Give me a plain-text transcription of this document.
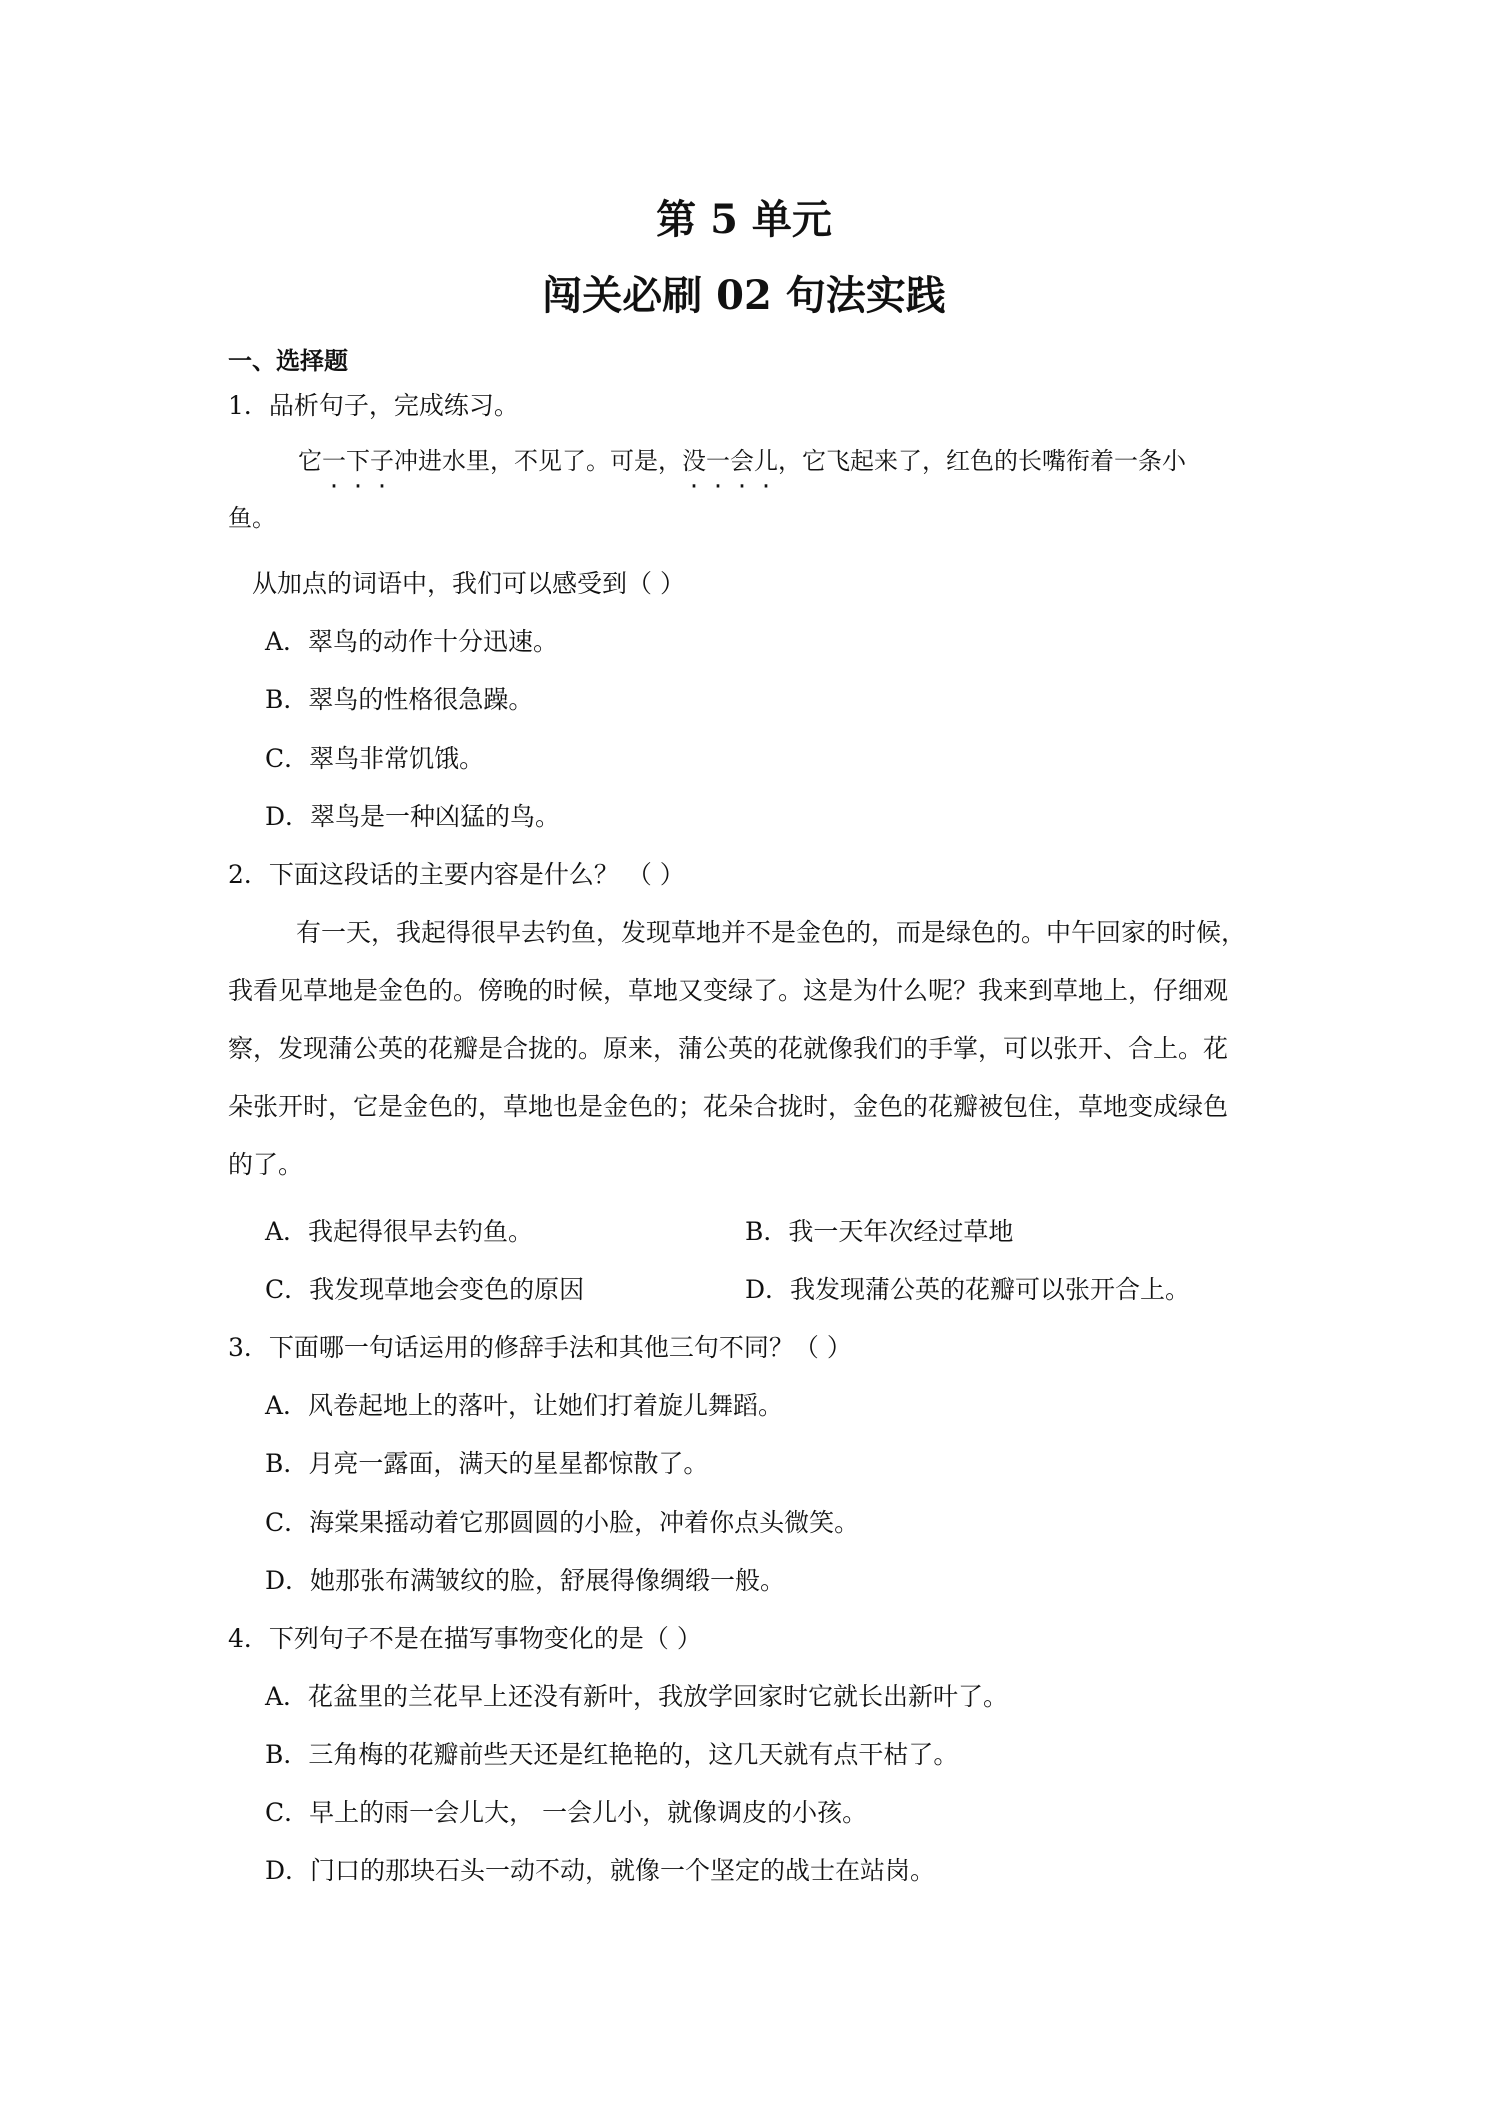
第 5 单元
闯关必刷 02 句法实践
一、选择题
1．品析句子，完成练习。
它一下子冲进水里，不见了。可是，没一会儿，它飞起来了，红色的长嘴衔着一条小
鱼。
从加点的词语中，我们可以感受到（ ）
A．翠鸟的动作十分迅速。
B．翠鸟的性格很急躁。
C．翠鸟非常饥饿。
D．翠鸟是一种凶猛的鸟。
2．下面这段话的主要内容是什么？ （ ）
有一天，我起得很早去钓鱼，发现草地并不是金色的，而是绿色的。中午回家的时候，
我看见草地是金色的。傍晚的时候，草地又变绿了。这是为什么呢？我来到草地上，仔细观
察，发现蒲公英的花瓣是合拢的。原来，蒲公英的花就像我们的手掌，可以张开、合上。花
朵张开时，它是金色的，草地也是金色的；花朵合拢时，金色的花瓣被包住，草地变成绿色
的了。
A．我起得很早去钓鱼。	B．我一天年次经过草地
C．我发现草地会变色的原因	D．我发现蒲公英的花瓣可以张开合上。
3．下面哪一句话运用的修辞手法和其他三句不同？（ ）
A．风卷起地上的落叶，让她们打着旋儿舞蹈。
B．月亮一露面，满天的星星都惊散了。
C．海棠果摇动着它那圆圆的小脸，冲着你点头微笑。
D．她那张布满皱纹的脸，舒展得像绸缎一般。
4．下列句子不是在描写事物变化的是（ ）
A．花盆里的兰花早上还没有新叶，我放学回家时它就长出新叶了。
B．三角梅的花瓣前些天还是红艳艳的，这几天就有点干枯了。
C．早上的雨一会儿大， 一会儿小，就像调皮的小孩。
D．门口的那块石头一动不动，就像一个坚定的战士在站岗。
